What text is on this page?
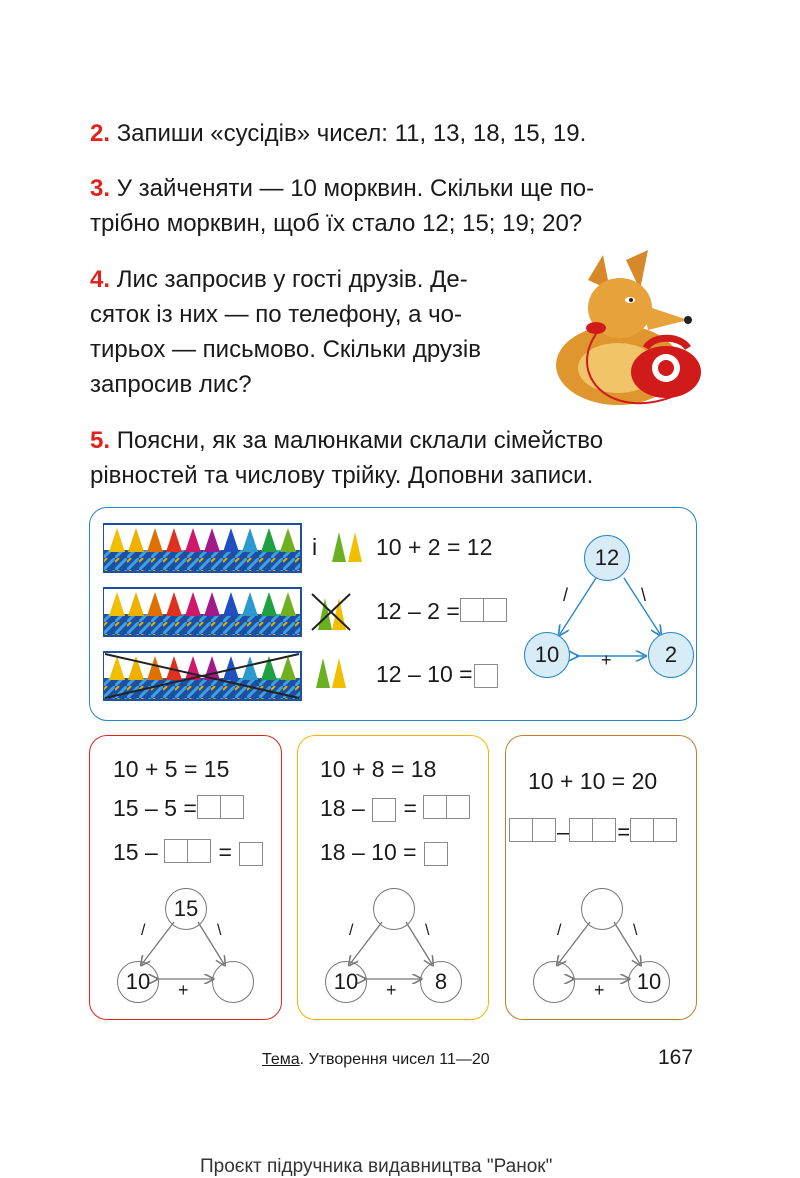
2. Запиши «сусідів» чисел: 11, 13, 18, 15, 19.

3. У зайченяти — 10 морквин. Скільки ще по-
трібно морквин, щоб їх стало 12; 15; 19; 20?
4. Лис запросив у гості друзів. Де-
сяток із них — по телефону, а чо-
тирьох — письмово. Скільки друзів
запросив лис?
5. Поясни, як за малюнками склали сімейство
рівностей та числову трійку. Доповни записи.
і	10 + 2 = 12
12 – 2 =
12 – 10 =
12
10	2
/	\
+
10 + 5 = 15
15 – 5 =
15 –	=
10 + 8 = 18
18 – =
18 – 10 =
10 + 10 = 20
– =
15
10
/	\
+	10	8
/	\
+	10
/	\
+
Тема. Утворення чисел 11—20	167
Проєкт підручника видавництва "Ранок"
